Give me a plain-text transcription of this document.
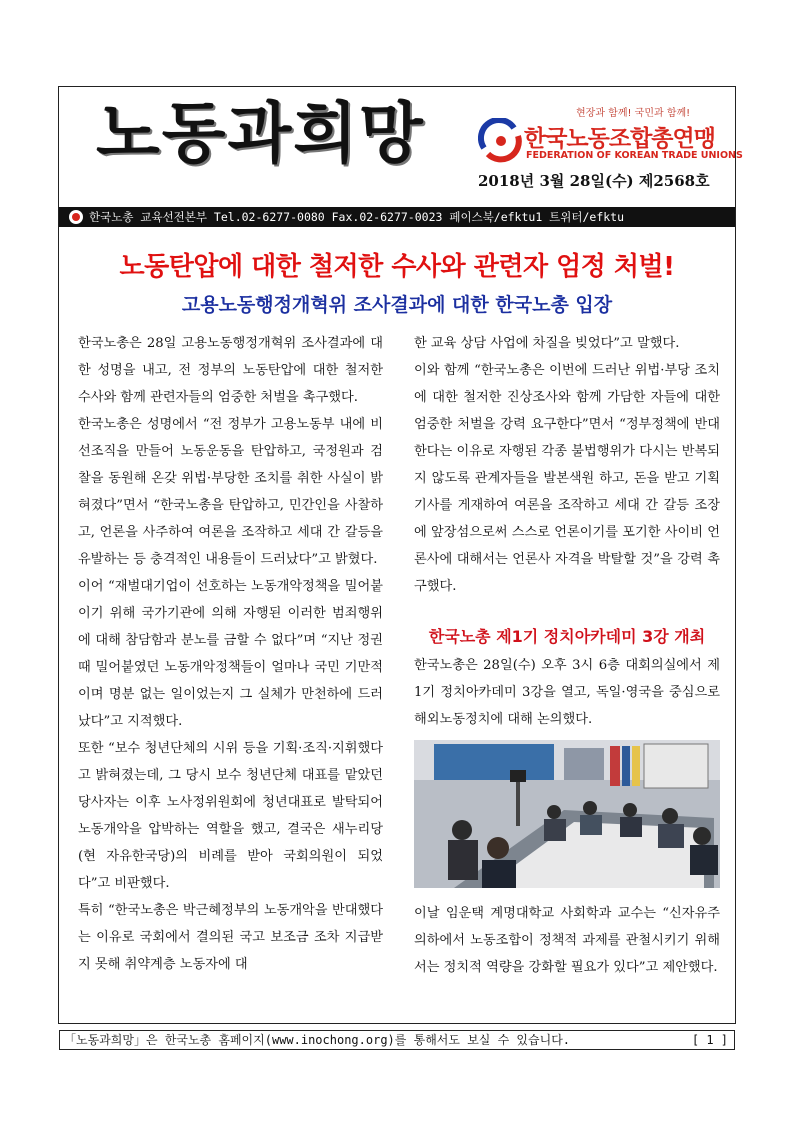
노동과희망	현장과 함께! 국민과 함께!
한국노동조합총연맹
FEDERATION OF KOREAN TRADE UNIONS
2018년 3월 28일(수) 제2568호
한국노총 교육선전본부 Tel.02-6277-0080 Fax.02-6277-0023 페이스북/efktu1 트위터/efktu
노동탄압에 대한 철저한 수사와 관련자 엄정 처벌!
고용노동행정개혁위 조사결과에 대한 한국노총 입장

한국노총은 28일 고용노동행정개혁위 조사결과에 대한 성명을 내고, 전 정부의 노동탄압에 대한 철저한 수사와 함께 관련자들의 엄중한 처벌을 촉구했다.

한국노총은 성명에서 “전 정부가 고용노동부 내에 비선조직을 만들어 노동운동을 탄압하고, 국정원과 검찰을 동원해 온갖 위법·부당한 조치를 취한 사실이 밝혀졌다”면서 “한국노총을 탄압하고, 민간인을 사찰하고, 언론을 사주하여 여론을 조작하고 세대 간 갈등을 유발하는 등 충격적인 내용들이 드러났다”고 밝혔다.

이어 “재벌대기업이 선호하는 노동개악정책을 밀어붙이기 위해 국가기관에 의해 자행된 이러한 범죄행위에 대해 참담함과 분노를 금할 수 없다”며 “지난 정권 때 밀어붙였던 노동개악정책들이 얼마나 국민 기만적이며 명분 없는 일이었는지 그 실체가 만천하에 드러났다”고 지적했다.

또한 “보수 청년단체의 시위 등을 기획·조직·지휘했다고 밝혀졌는데, 그 당시 보수 청년단체 대표를 맡았던 당사자는 이후 노사정위원회에 청년대표로 발탁되어 노동개악을 압박하는 역할을 했고, 결국은 새누리당(현 자유한국당)의 비례를 받아 국회의원이 되었다”고 비판했다.

특히 “한국노총은 박근혜정부의 노동개악을 반대했다는 이유로 국회에서 결의된 국고 보조금 조차 지급받지 못해 취약계층 노동자에 대

한 교육 상담 사업에 차질을 빚었다”고 말했다.

이와 함께 “한국노총은 이번에 드러난 위법·부당 조치에 대한 철저한 진상조사와 함께 가담한 자들에 대한 엄중한 처벌을 강력 요구한다”면서 “정부정책에 반대한다는 이유로 자행된 각종 불법행위가 다시는 반복되지 않도록 관계자들을 발본색원 하고, 돈을 받고 기획기사를 게재하여 여론을 조작하고 세대 간 갈등 조장에 앞장섬으로써 스스로 언론이기를 포기한 사이비 언론사에 대해서는 언론사 자격을 박탈할 것”을 강력 촉구했다.

한국노총 제1기 정치아카데미 3강 개최

한국노총은 28일(수) 오후 3시 6층 대회의실에서 제1기 정치아카데미 3강을 열고, 독일·영국을 중심으로 해외노동정치에 대해 논의했다.

이날 임운택 계명대학교 사회학과 교수는 “신자유주의하에서 노동조합이 정책적 과제를 관철시키기 위해서는 정치적 역량을 강화할 필요가 있다”고 제안했다.

「노동과희망」은 한국노총 홈페이지(www.inochong.org)를 통해서도 보실 수 있습니다.	[ 1 ]
